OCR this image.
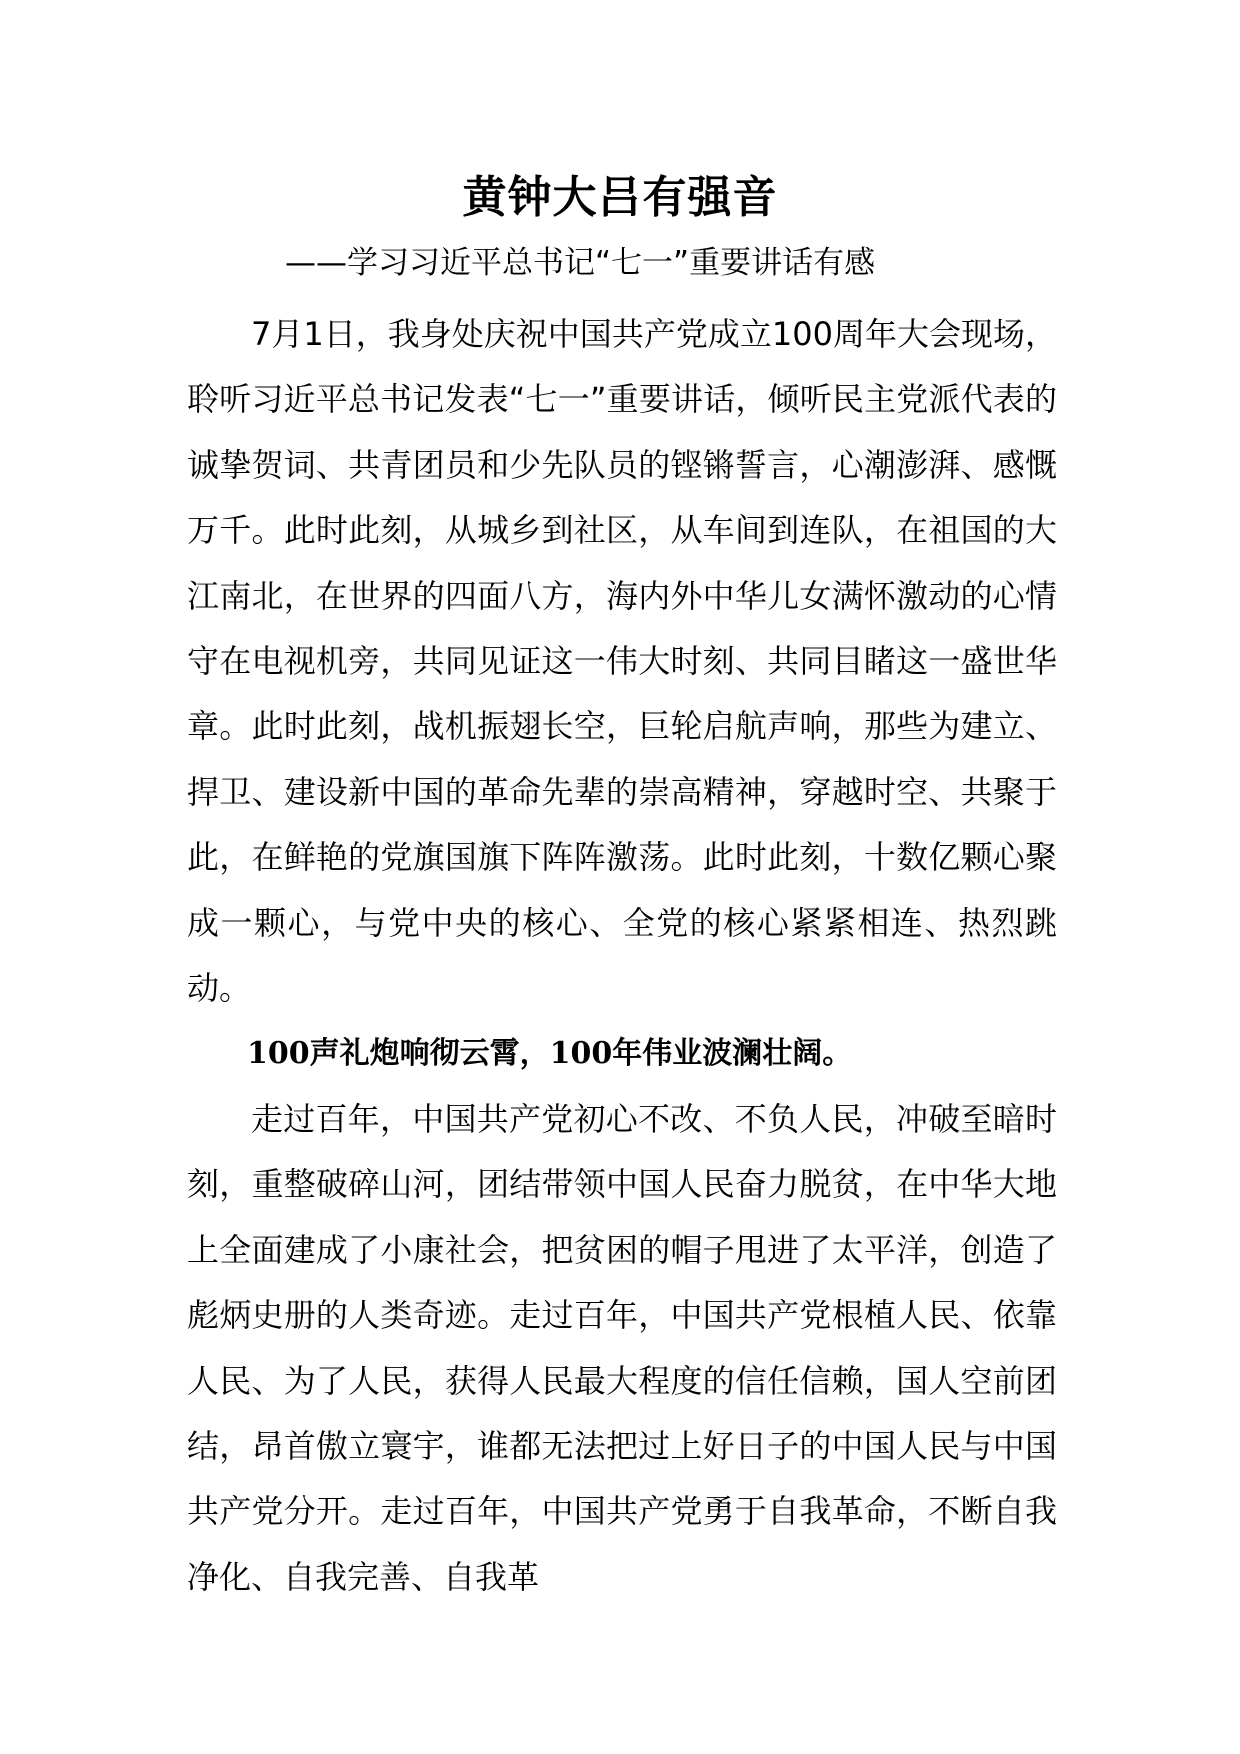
黄钟大吕有强音

——学习习近平总书记“七一”重要讲话有感

7月1日，我身处庆祝中国共产党成立100周年大会现场，聆听习近平总书记发表“七一”重要讲话，倾听民主党派代表的诚挚贺词、共青团员和少先队员的铿锵誓言，心潮澎湃、感慨万千。此时此刻，从城乡到社区，从车间到连队，在祖国的大江南北，在世界的四面八方，海内外中华儿女满怀激动的心情守在电视机旁，共同见证这一伟大时刻、共同目睹这一盛世华章。此时此刻，战机振翅长空，巨轮启航声响，那些为建立、捍卫、建设新中国的革命先辈的崇高精神，穿越时空、共聚于此，在鲜艳的党旗国旗下阵阵激荡。此时此刻，十数亿颗心聚成一颗心，与党中央的核心、全党的核心紧紧相连、热烈跳动。

100声礼炮响彻云霄，100年伟业波澜壮阔。

走过百年，中国共产党初心不改、不负人民，冲破至暗时刻，重整破碎山河，团结带领中国人民奋力脱贫，在中华大地上全面建成了小康社会，把贫困的帽子甩进了太平洋，创造了彪炳史册的人类奇迹。走过百年，中国共产党根植人民、依靠人民、为了人民，获得人民最大程度的信任信赖，国人空前团结，昂首傲立寰宇，谁都无法把过上好日子的中国人民与中国共产党分开。走过百年，中国共产党勇于自我革命，不断自我净化、自我完善、自我革
